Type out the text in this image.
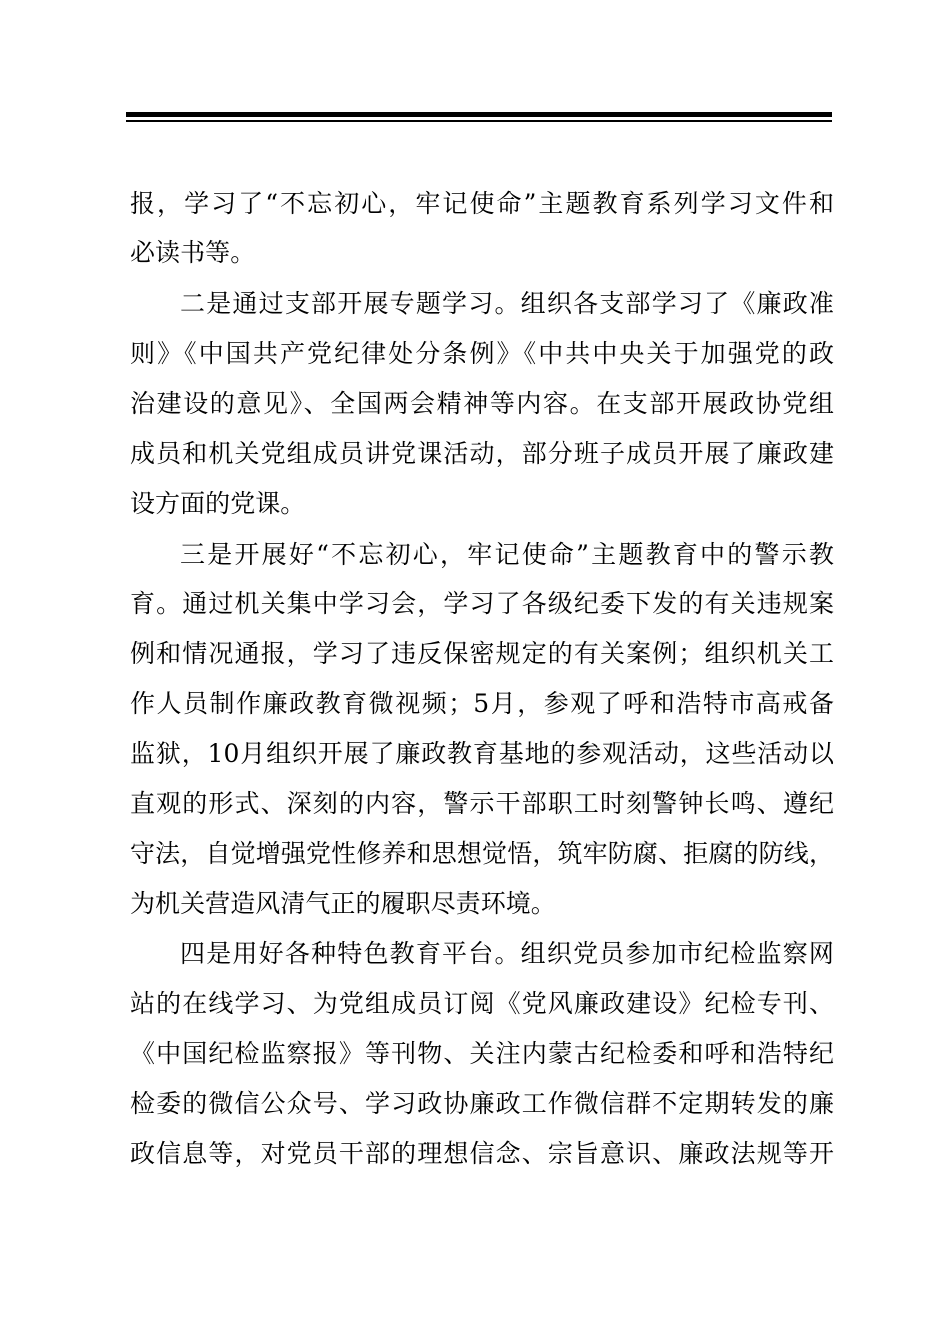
报，学习了“不忘初心，牢记使命”主题教育系列学习文件和
必读书等。
二是通过支部开展专题学习。组织各支部学习了《廉政准
则》《中国共产党纪律处分条例》《中共中央关于加强党的政
治建设的意见》、全国两会精神等内容。在支部开展政协党组
成员和机关党组成员讲党课活动，部分班子成员开展了廉政建
设方面的党课。
三是开展好“不忘初心，牢记使命”主题教育中的警示教
育。通过机关集中学习会，学习了各级纪委下发的有关违规案
例和情况通报，学习了违反保密规定的有关案例；组织机关工
作人员制作廉政教育微视频；5月，参观了呼和浩特市高戒备
监狱，10月组织开展了廉政教育基地的参观活动，这些活动以
直观的形式、深刻的内容，警示干部职工时刻警钟长鸣、遵纪
守法，自觉增强党性修养和思想觉悟，筑牢防腐、拒腐的防线，
为机关营造风清气正的履职尽责环境。
四是用好各种特色教育平台。组织党员参加市纪检监察网
站的在线学习、为党组成员订阅《党风廉政建设》纪检专刊、
《中国纪检监察报》等刊物、关注内蒙古纪检委和呼和浩特纪
检委的微信公众号、学习政协廉政工作微信群不定期转发的廉
政信息等，对党员干部的理想信念、宗旨意识、廉政法规等开
